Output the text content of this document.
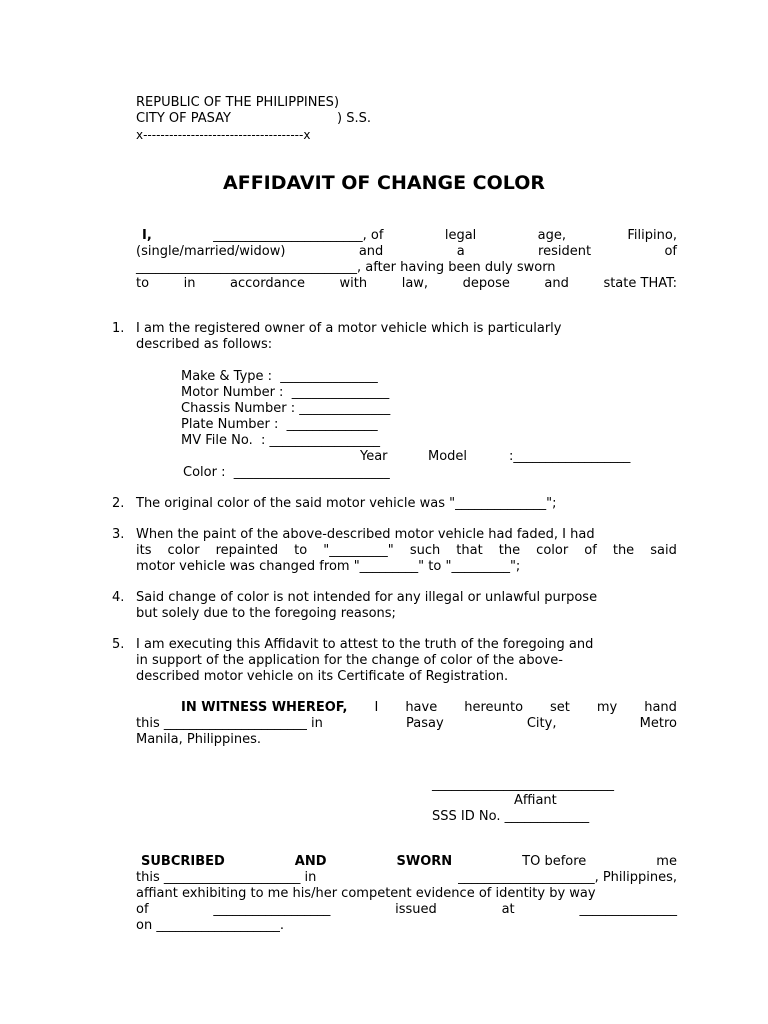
REPUBLIC OF THE PHILIPPINES)
CITY OF PASAY	) S.S.
x-------------------------------------x
AFFIDAVIT OF CHANGE COLOR
I,	_______________________, of	legal	age,	Filipino,
(single/married/widow)	and	a	resident	of
__________________________________, after having been duly sworn
to	in	accordance	with	law,	depose	and	state THAT:
1. I am the registered owner of a motor vehicle which is particularly
described as follows:
Make & Type :  _______________
Motor Number :  _______________
Chassis Number : ______________
Plate Number :  ______________
MV File No.  : _________________
Year	Model	:__________________
Color :  ________________________
2. The original color of the said motor vehicle was "______________";
3. When the paint of the above-described motor vehicle had faded, I had
its color repainted to "_________" such that the color of the said
motor vehicle was changed from "_________" to "_________";
4. Said change of color is not intended for any illegal or unlawful purpose
but solely due to the foregoing reasons;
5. I am executing this Affidavit to attest to the truth of the foregoing and
in support of the application for the change of color of the above-
described motor vehicle on its Certificate of Registration.
IN WITNESS WHEREOF, I have hereunto set my hand
this ______________________ in	Pasay	City,	Metro
Manila, Philippines.
____________________________
Affiant
SSS ID No. _____________
SUBCRIBED	AND	SWORN	TO before	me
this _____________________ in	_____________________, Philippines,
affiant exhibiting to me his/her competent evidence of identity by way
of	__________________	issued	at	_______________
on ___________________.
